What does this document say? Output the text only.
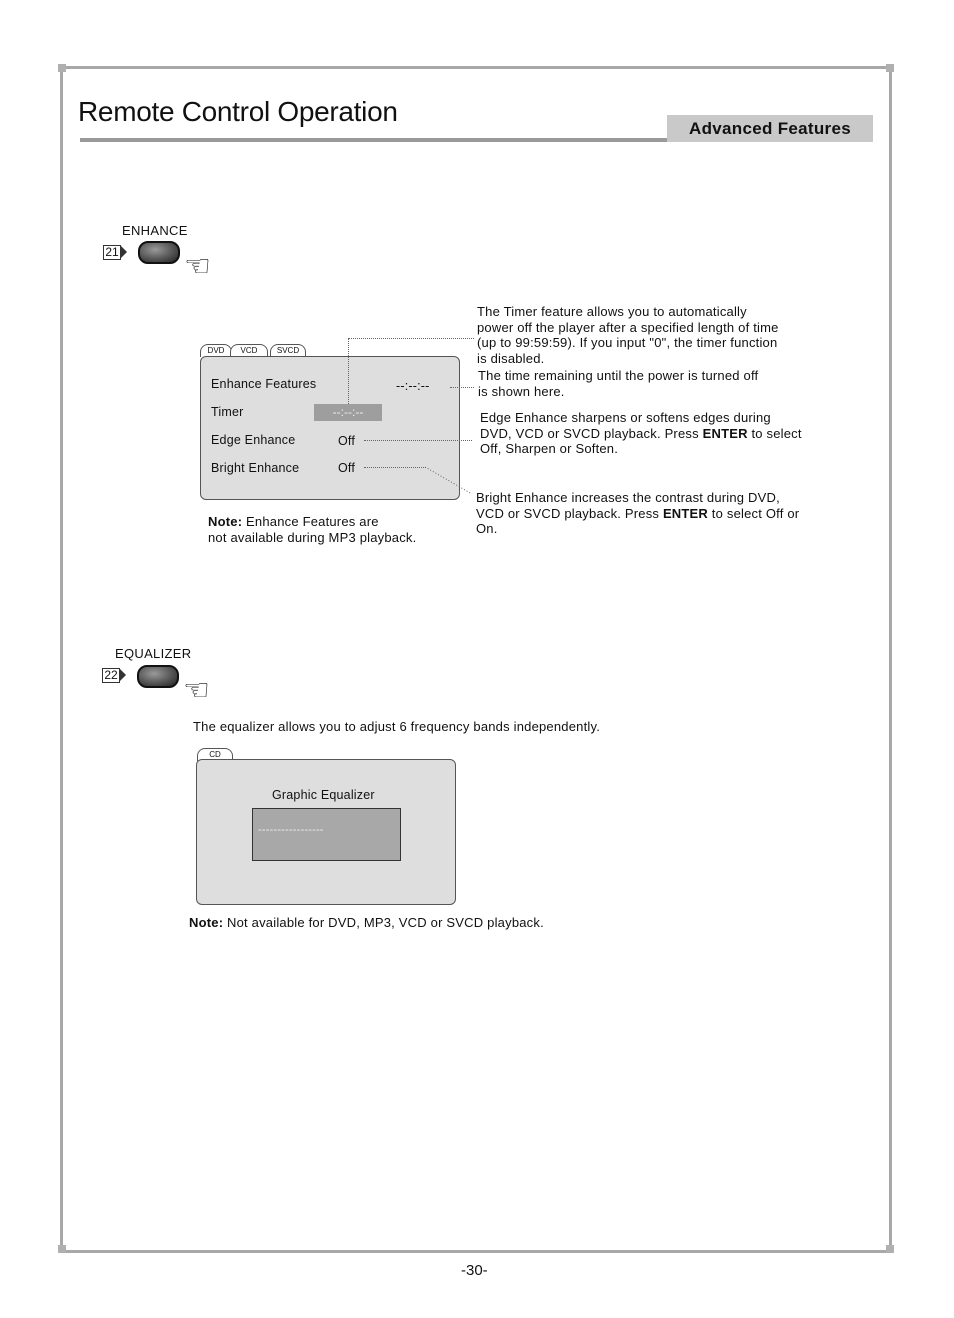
Remote Control Operation
Advanced Features
ENHANCE
21 ☜
DVD	VCD	SVCD
Enhance Features	--:--:--
Timer	--:--:--
Edge Enhance	Off
Bright Enhance	Off
Note: Enhance Features are
not available during MP3 playback.
The Timer feature allows you to automatically
power off the player after a specified length of time
(up to 99:59:59). If you input "0", the timer function
is disabled.
The time remaining until the power is turned off
is shown here.
Edge Enhance sharpens or softens edges during
DVD, VCD or SVCD playback. Press ENTER to select
Off, Sharpen or Soften.
Bright Enhance increases the contrast during DVD,
VCD or SVCD playback. Press ENTER to select Off or
On.
EQUALIZER
22 ☜
The equalizer allows you to adjust 6 frequency bands independently.
CD
Graphic Equalizer
-----------------
Note: Not available for DVD, MP3, VCD or SVCD playback.
-30-
